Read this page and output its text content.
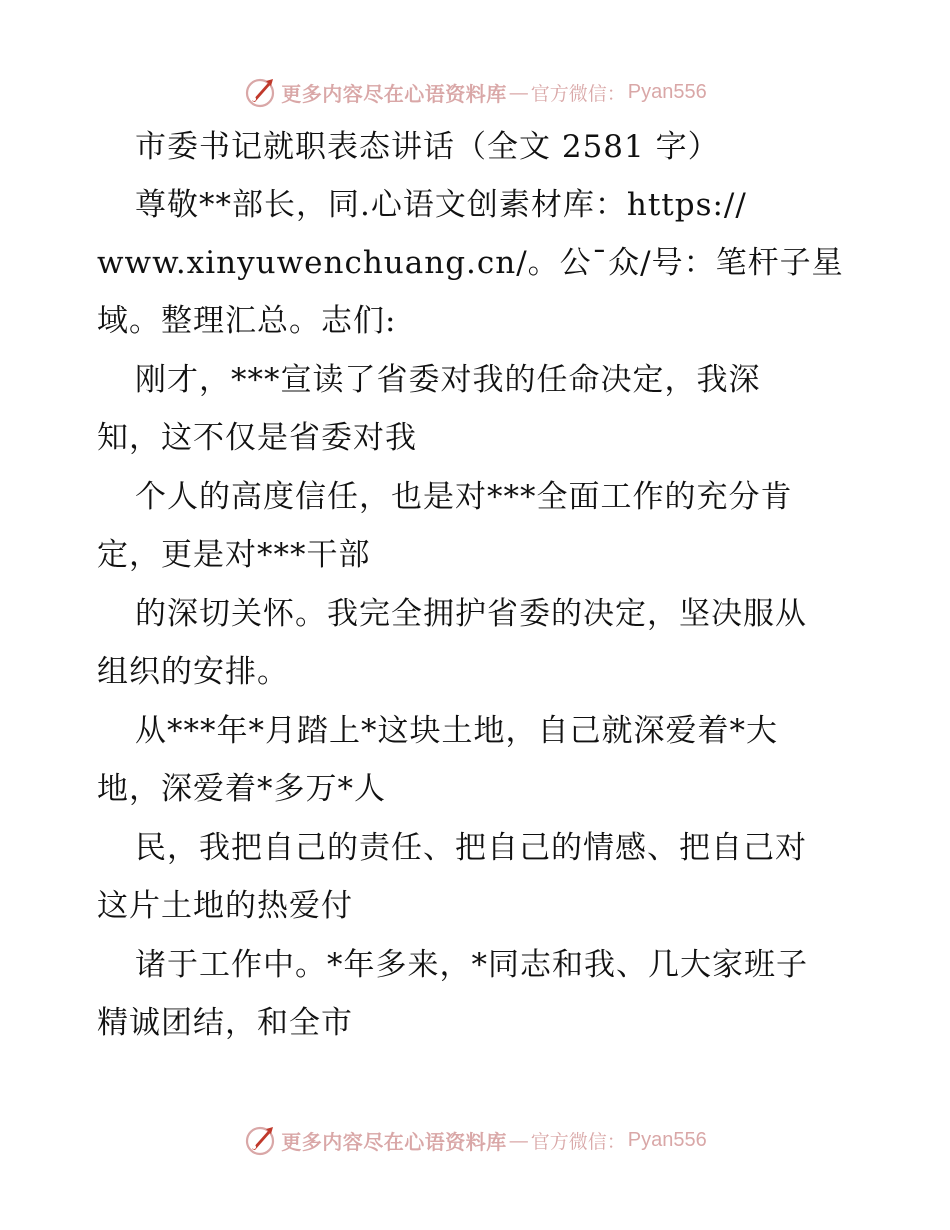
更多内容尽在心语资料库 — 官方微信： Pyan556
市委书记就职表态讲话（全文 2581 字）
尊敬**部长，同.心语文创素材库：https://
www.xinyuwenchuang.cn/。公¯众/号：笔杆子星
域。整理汇总。志们:
刚才，***宣读了省委对我的任命决定，我深
知，这不仅是省委对我
个人的高度信任，也是对***全面工作的充分肯
定，更是对***干部
的深切关怀。我完全拥护省委的决定，坚决服从
组织的安排。
从***年*月踏上*这块土地，自己就深爱着*大
地，深爱着*多万*人
民，我把自己的责任、把自己的情感、把自己对
这片土地的热爱付
诸于工作中。*年多来，*同志和我、几大家班子
精诚团结，和全市
更多内容尽在心语资料库 — 官方微信： Pyan556
